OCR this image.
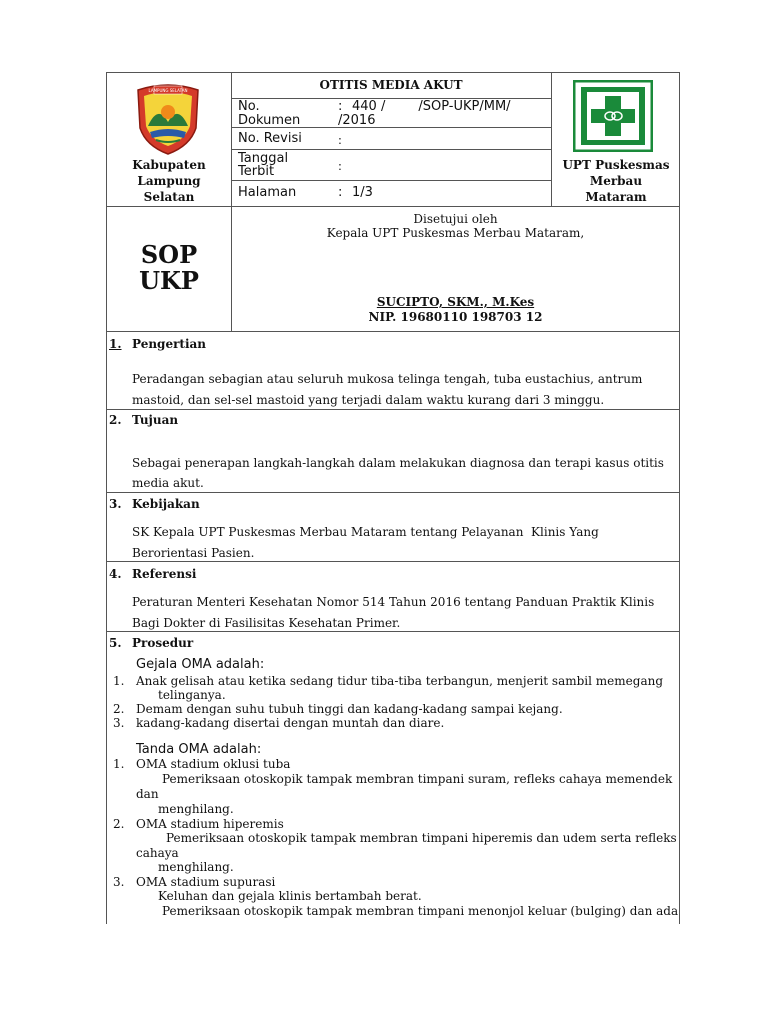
LAMPUNG SELATAN
Kabupaten
Lampung
Selatan
OTITIS MEDIA AKUT
No.
Dokumen
: 440 /        /SOP-UKP/MM/
/2016
No. Revisi	:
Tanggal
Terbit	:
Halaman	: 1/3
UPT Puskesmas
Merbau
Mataram
SOP
UKP
Disetujui oleh
Kepala UPT Puskesmas Merbau Mataram,
SUCIPTO, SKM., M.Kes
NIP. 19680110 198703 12
1. Pengertian
Peradangan sebagian atau seluruh mukosa telinga tengah, tuba eustachius, antrum
mastoid, dan sel-sel mastoid yang terjadi dalam waktu kurang dari 3 minggu.
2. Tujuan
Sebagai penerapan langkah-langkah dalam melakukan diagnosa dan terapi kasus otitis
media akut.
3. Kebijakan
SK Kepala UPT Puskesmas Merbau Mataram tentang Pelayanan  Klinis Yang
Berorientasi Pasien.
4. Referensi
Peraturan Menteri Kesehatan Nomor 514 Tahun 2016 tentang Panduan Praktik Klinis
Bagi Dokter di Fasilisitas Kesehatan Primer.
5. Prosedur
Gejala OMA adalah:
1. Anak gelisah atau ketika sedang tidur tiba-tiba terbangun, menjerit sambil memegang
telinganya.
2. Demam dengan suhu tubuh tinggi dan kadang-kadang sampai kejang.
3. kadang-kadang disertai dengan muntah dan diare.
Tanda OMA adalah:
1. OMA stadium oklusi tuba
Pemeriksaan otoskopik tampak membran timpani suram, refleks cahaya memendek
dan
menghilang.
2. OMA stadium hiperemis
Pemeriksaan otoskopik tampak membran timpani hiperemis dan udem serta refleks
cahaya
menghilang.
3. OMA stadium supurasi
Keluhan dan gejala klinis bertambah berat.
Pemeriksaan otoskopik tampak membran timpani menonjol keluar (bulging) dan ada
